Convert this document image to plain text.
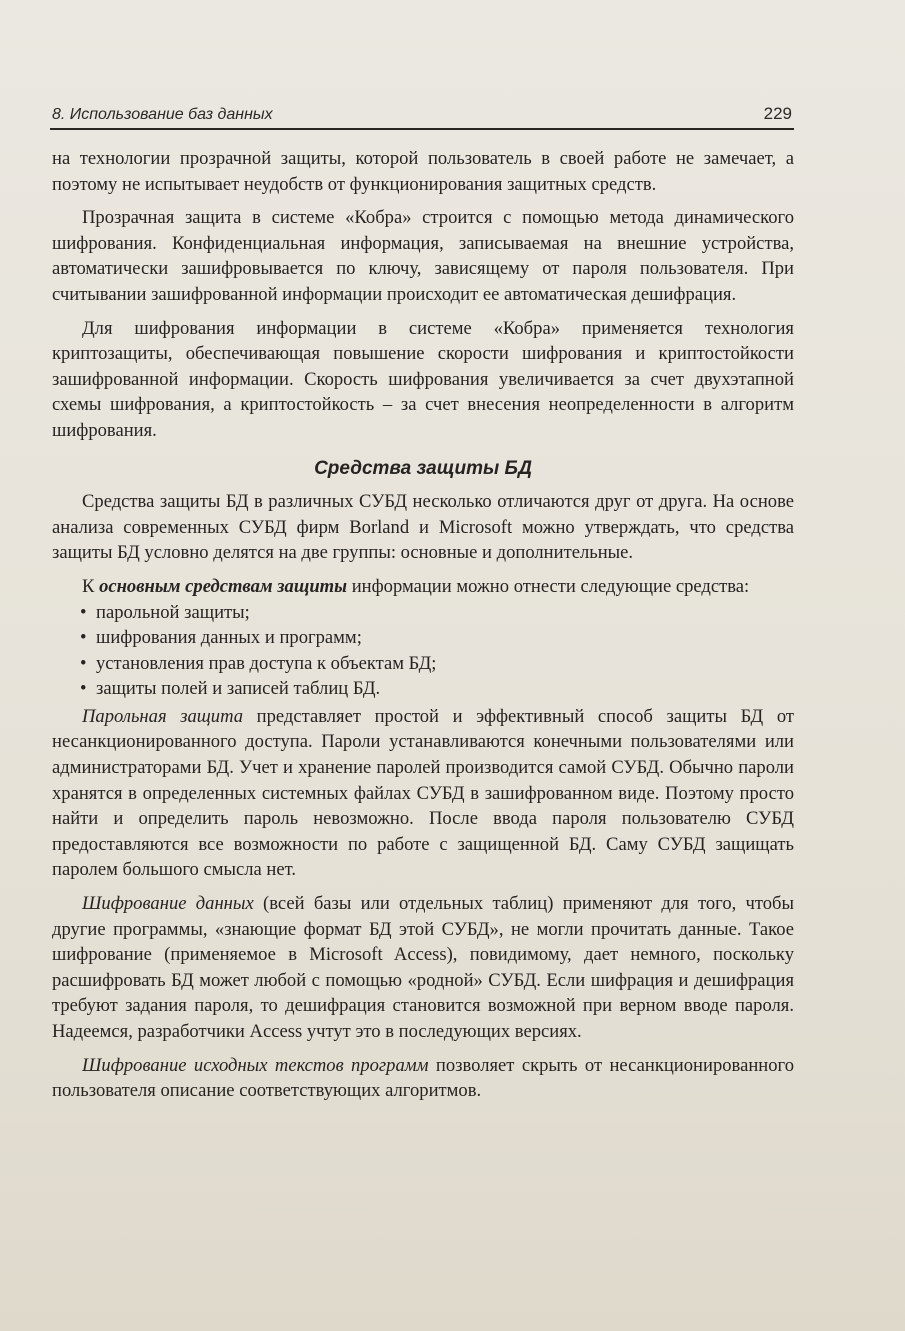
8. Использование баз данных	229

на технологии прозрачной защиты, которой пользователь в своей работе не замечает, а поэтому не испытывает неудобств от функционирования защитных средств.

Прозрачная защита в системе «Кобра» строится с помощью метода динамического шифрования. Конфиденциальная информация, записываемая на внешние устройства, автоматически зашифровывается по ключу, зависящему от пароля пользователя. При считывании зашифрованной информации происходит ее автоматическая дешифрация.

Для шифрования информации в системе «Кобра» применяется технология криптозащиты, обеспечивающая повышение скорости шифрования и криптостойкости зашифрованной информации. Скорость шифрования увеличивается за счет двухэтапной схемы шифрования, а криптостойкость – за счет внесения неопределенности в алгоритм шифрования.

Средства защиты БД

Средства защиты БД в различных СУБД несколько отличаются друг от друга. На основе анализа современных СУБД фирм Borland и Microsoft можно утверждать, что средства защиты БД условно делятся на две группы: основные и дополнительные.

К основным средствам защиты информации можно отнести следующие средства:

• парольной защиты;
• шифрования данных и программ;
• установления прав доступа к объектам БД;
• защиты полей и записей таблиц БД.

Парольная защита представляет простой и эффективный способ защиты БД от несанкционированного доступа. Пароли устанавливаются конечными пользователями или администраторами БД. Учет и хранение паролей производится самой СУБД. Обычно пароли хранятся в определенных системных файлах СУБД в зашифрованном виде. Поэтому просто найти и определить пароль невозможно. После ввода пароля пользователю СУБД предоставляются все возможности по работе с защищенной БД. Саму СУБД защищать паролем большого смысла нет.

Шифрование данных (всей базы или отдельных таблиц) применяют для того, чтобы другие программы, «знающие формат БД этой СУБД», не могли прочитать данные. Такое шифрование (применяемое в Microsoft Access), повидимому, дает немного, поскольку расшифровать БД может любой с помощью «родной» СУБД. Если шифрация и дешифрация требуют задания пароля, то дешифрация становится возможной при верном вводе пароля. Надеемся, разработчики Access учтут это в последующих версиях.

Шифрование исходных текстов программ позволяет скрыть от несанкционированного пользователя описание соответствующих алгоритмов.
